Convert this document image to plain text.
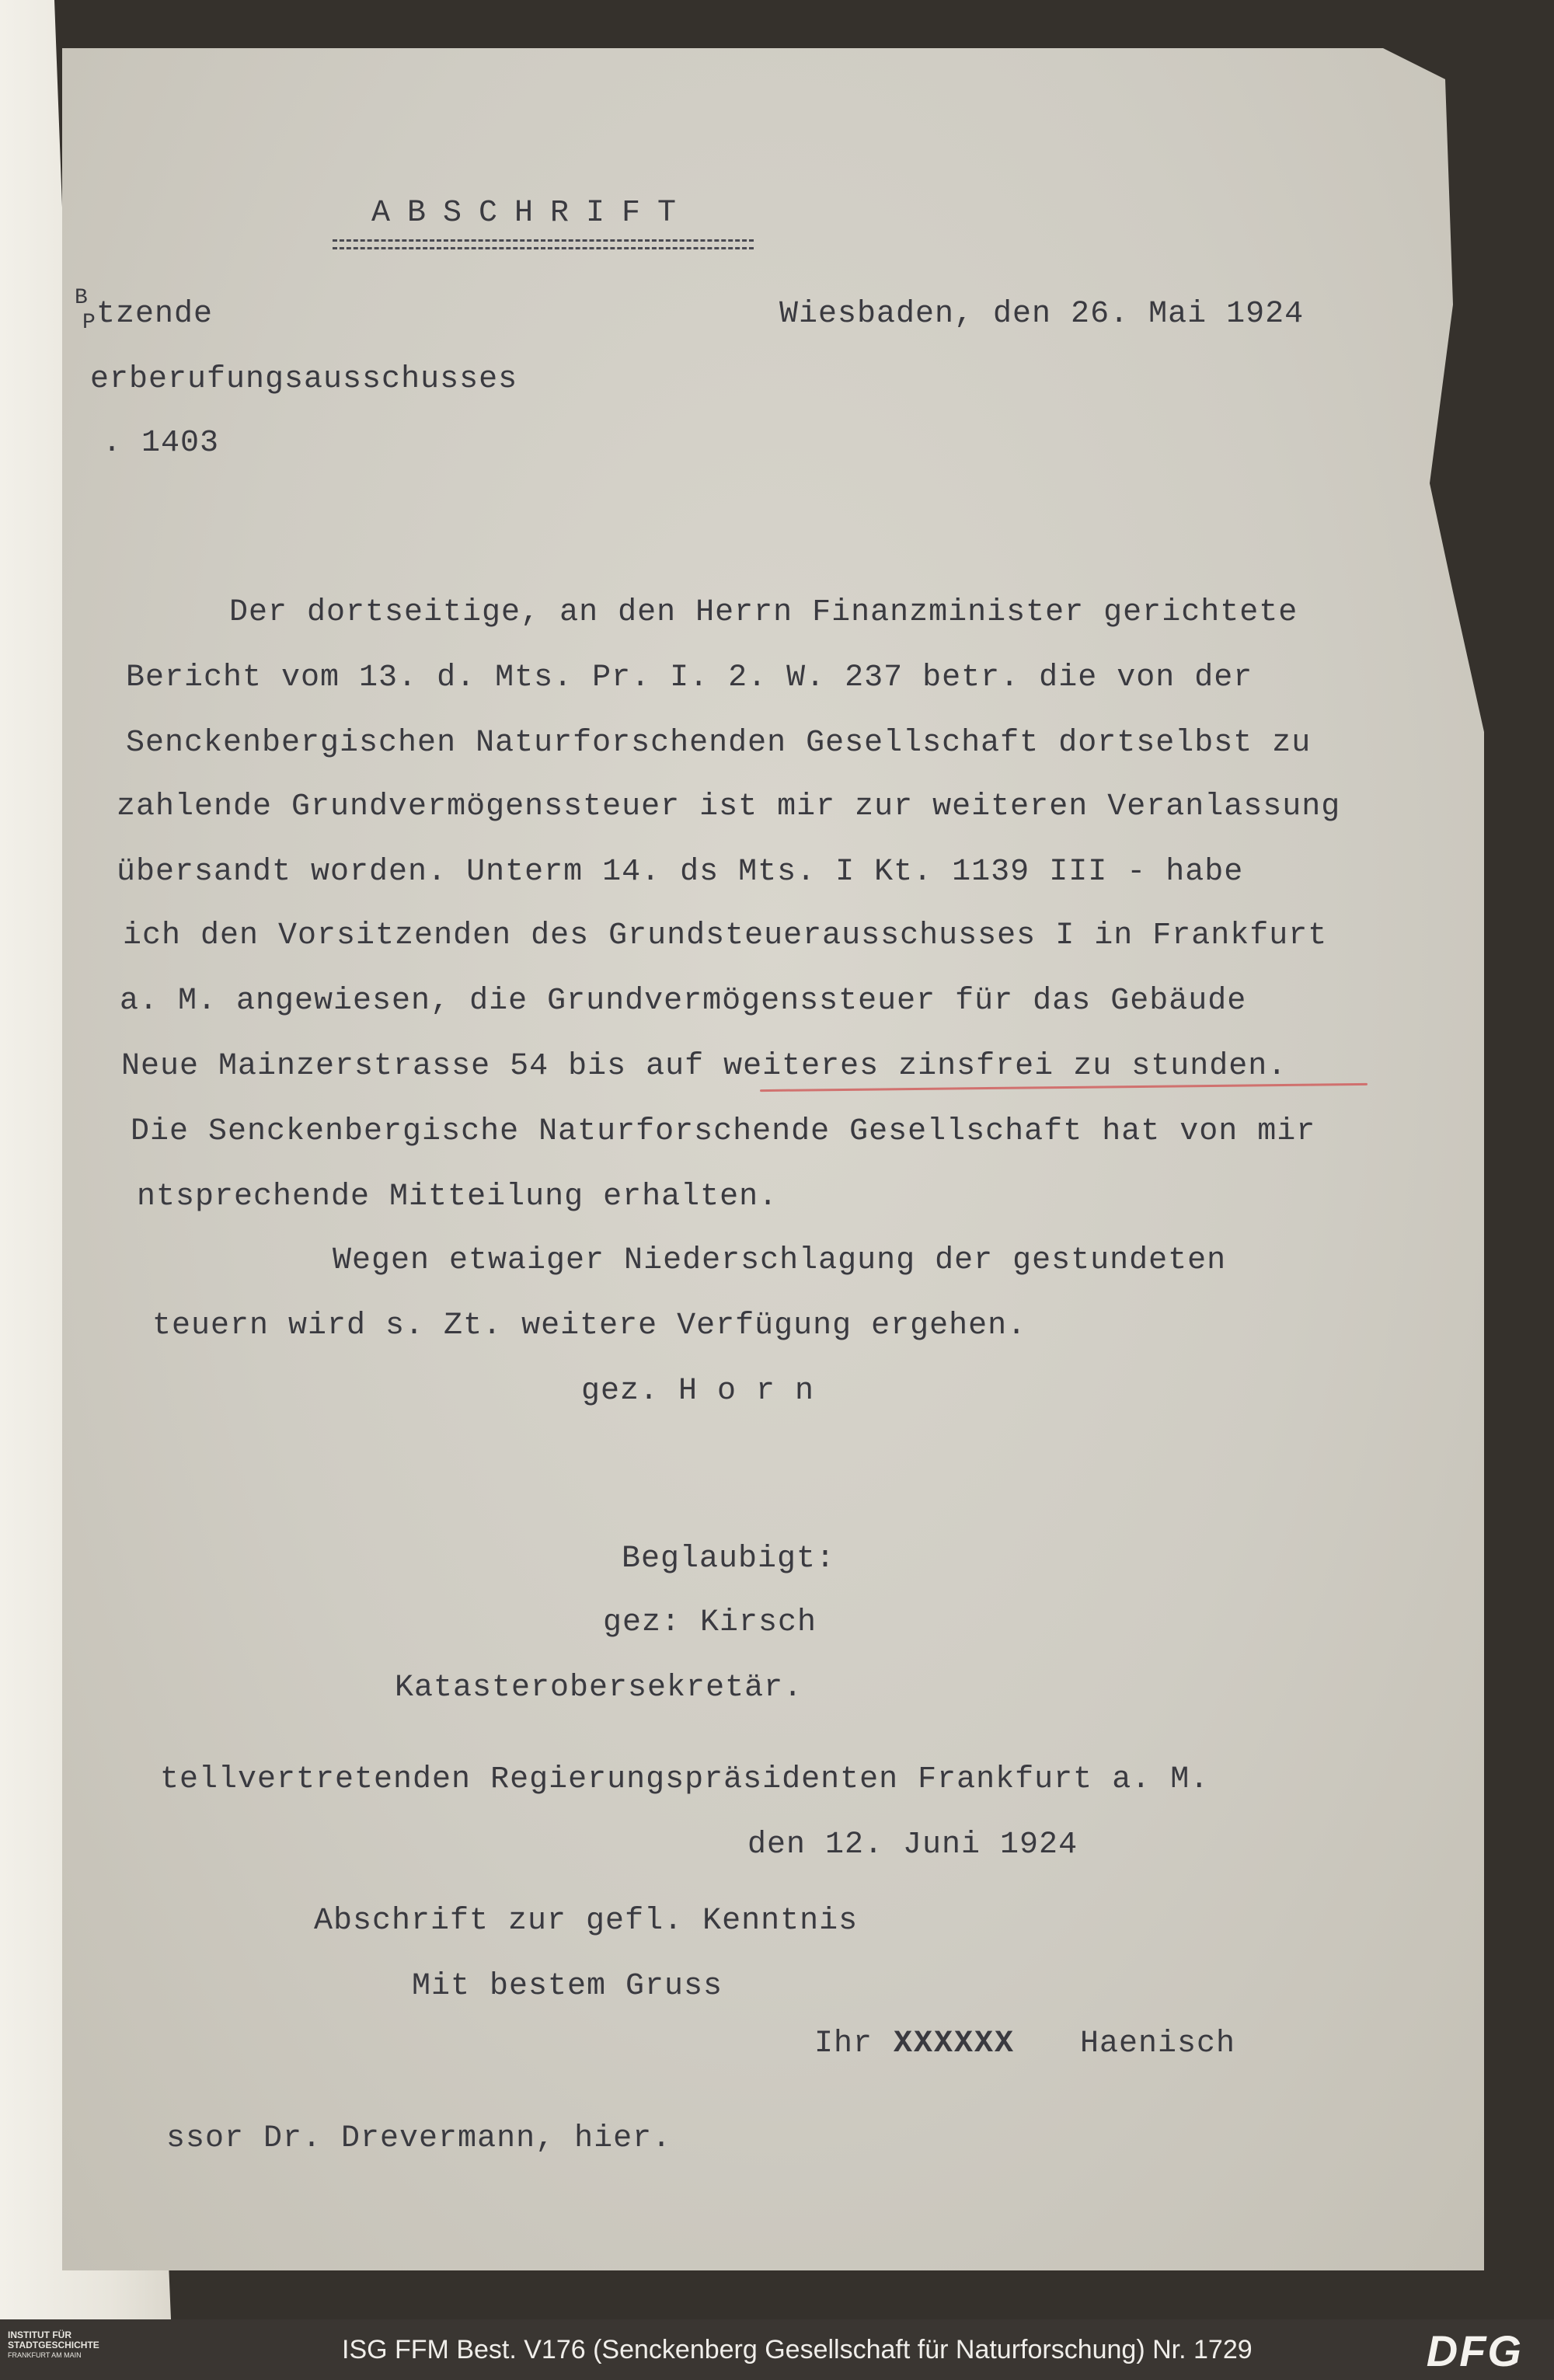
ABSCHRIFT
B
P tzende	Wiesbaden, den 26. Mai 1924
erberufungsausschusses
. 1403
Der dortseitige, an den Herrn Finanzminister gerichtete
Bericht vom 13. d. Mts. Pr. I. 2. W. 237 betr. die von der
Senckenbergischen Naturforschenden Gesellschaft dortselbst zu
zahlende Grundvermögenssteuer ist mir zur weiteren Veranlassung
übersandt worden. Unterm 14. ds Mts. I Kt. 1139 III - habe
ich den Vorsitzenden des Grundsteuerausschusses I in Frankfurt
a. M. angewiesen, die Grundvermögenssteuer für das Gebäude
Neue Mainzerstrasse 54 bis auf weiteres zinsfrei zu stunden.
Die Senckenbergische Naturforschende Gesellschaft hat von mir
ntsprechende Mitteilung erhalten.
Wegen etwaiger Niederschlagung der gestundeten
teuern wird s. Zt. weitere Verfügung ergehen.
gez. H o r n
Beglaubigt:
gez: Kirsch
Katasterobersekretär.
tellvertretenden Regierungspräsidenten Frankfurt a. M.
den 12. Juni 1924
Abschrift zur gefl. Kenntnis
Mit bestem Gruss
Ihr XXXXXX Haenisch
ssor Dr. Drevermann, hier.
INSTITUT FÜR
STADTGESCHICHTE
FRANKFURT AM MAIN	ISG FFM Best. V176 (Senckenberg Gesellschaft für Naturforschung) Nr. 1729	DFG
